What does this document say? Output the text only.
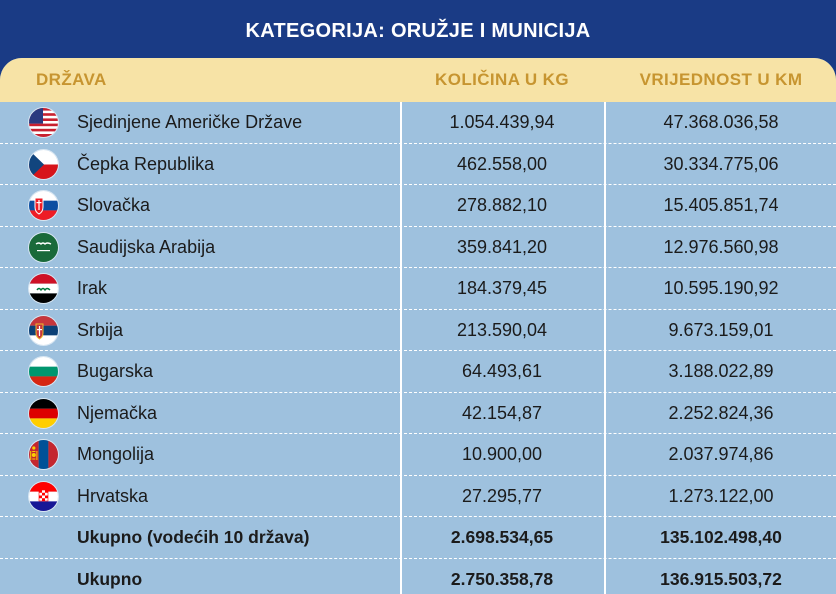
KATEGORIJA: ORUŽJE I MUNICIJA
DRŽAVA	KOLIČINA U KG	VRIJEDNOST U KM
Sjedinjene Američke Države	1.054.439,94	47.368.036,58
Čepka Republika	462.558,00	30.334.775,06
Slovačka	278.882,10	15.405.851,74
Saudijska Arabija	359.841,20	12.976.560,98
Irak	184.379,45	10.595.190,92
Srbija	213.590,04	9.673.159,01
Bugarska	64.493,61	3.188.022,89
Njemačka	42.154,87	2.252.824,36
Mongolija	10.900,00	2.037.974,86
Hrvatska	27.295,77	1.273.122,00
Ukupno (vodećih 10 država)	2.698.534,65	135.102.498,40
Ukupno	2.750.358,78	136.915.503,72
